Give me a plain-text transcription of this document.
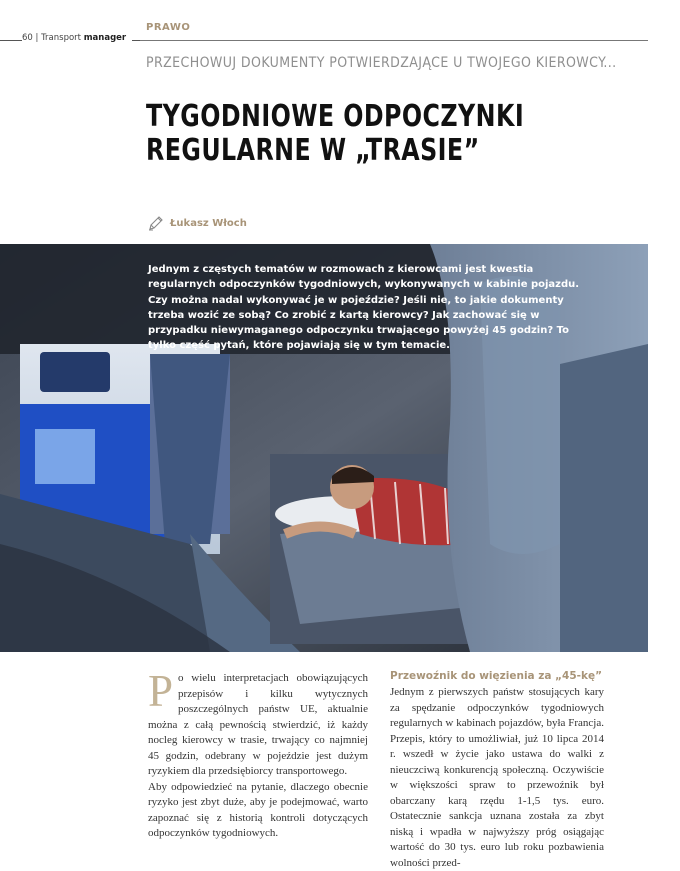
60 | Transport manager
PRAWO
PRZECHOWUJ DOKUMENTY POTWIERDZAJĄCE U TWOJEGO KIEROWCY...
TYGODNIOWE ODPOCZYNKI
REGULARNE W „TRASIE”
Łukasz Włoch

Jednym z częstych tematów w rozmowach z kierowcami jest kwestia regularnych odpoczynków tygodniowych, wykonywanych w kabinie pojazdu. Czy można nadal wykonywać je w pojeździe? Jeśli nie, to jakie dokumenty trzeba wozić ze sobą? Co zrobić z kartą kierowcy? Jak zachować się w przypadku niewymaganego odpoczynku trwającego powyżej 45 godzin? To tylko część pytań, które pojawiają się w tym temacie.

P o wielu interpretacjach obowiązujących przepisów i kilku wytycznych poszczególnych państw UE, aktualnie można z całą pewnością stwierdzić, iż każdy nocleg kierowcy w trasie, trwający co najmniej 45 godzin, odebrany w pojeździe jest dużym ryzykiem dla przedsiębiorcy transportowego.

Aby odpowiedzieć na pytanie, dlaczego obecnie ryzyko jest zbyt duże, aby je podejmować, warto zapoznać się z historią kontroli dotyczących odpoczynków tygodniowych.

Przewoźnik do więzienia za „45-kę”

Jednym z pierwszych państw stosujących kary za spędzanie odpoczynków tygodniowych regularnych w kabinach pojazdów, była Francja. Przepis, który to umożliwiał, już 10 lipca 2014 r. wszedł w życie jako ustawa do walki z nieuczciwą konkurencją społeczną. Oczywiście w większości spraw to przewoźnik był obarczany karą rzędu 1-1,5 tys. euro. Ostatecznie sankcja uznana została za zbyt niską i wpadła w najwyższy próg osiągając wartość do 30 tys. euro lub roku pozbawienia wolności przed-
